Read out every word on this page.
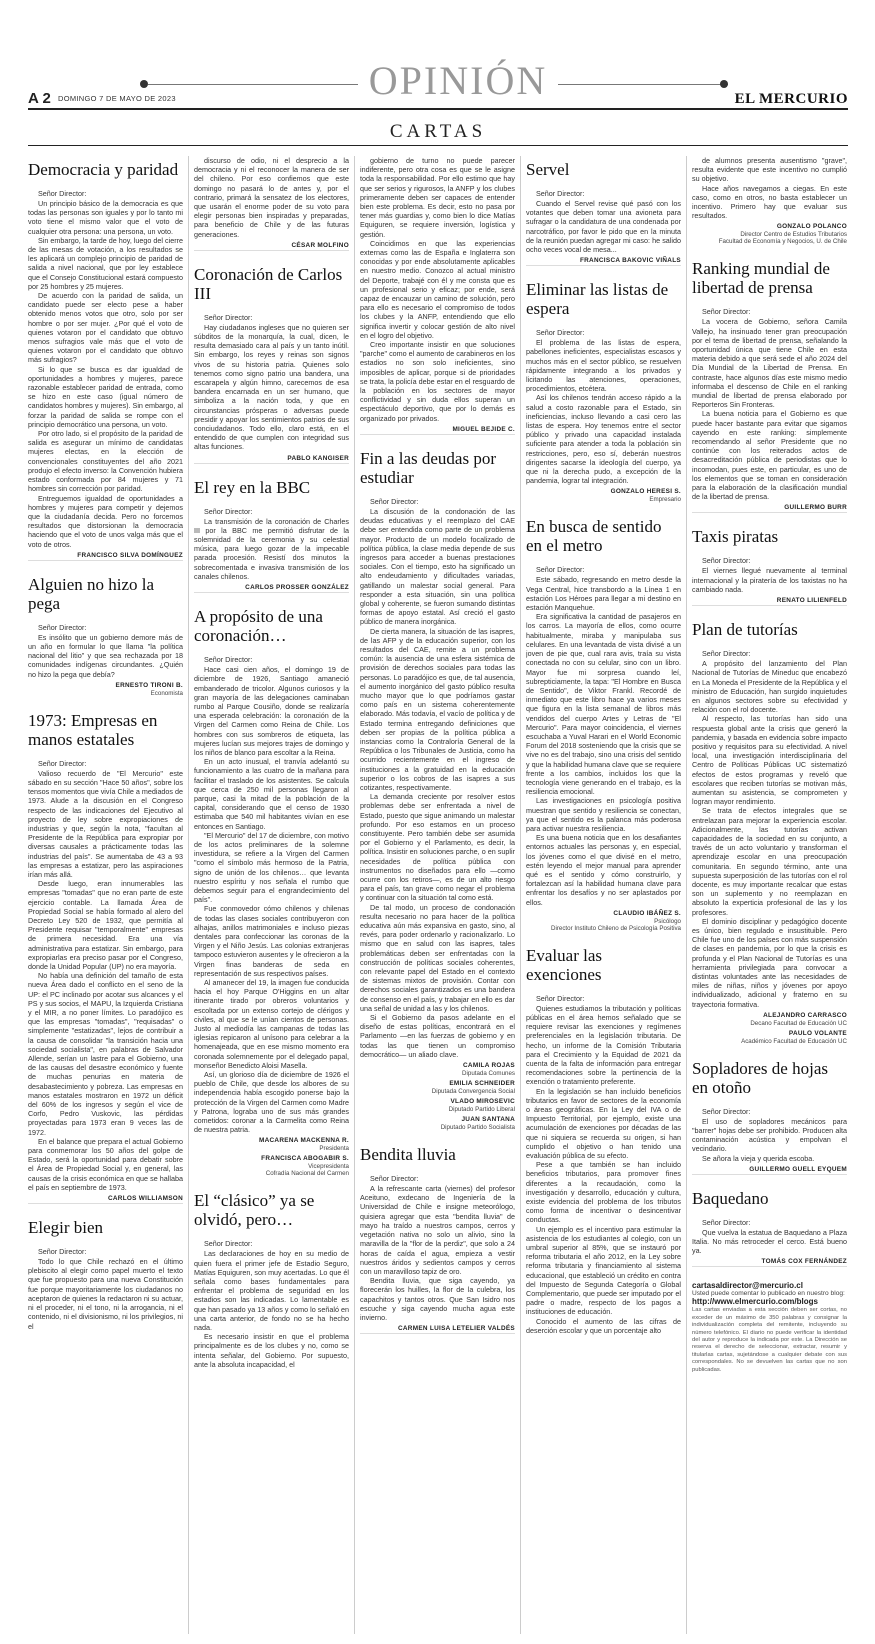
A 2 DOMINGO 7 DE MAYO DE 2023	OPINIÓN	EL MERCURIO
CARTAS
Democracia y paridad
Señor Director:

Un principio básico de la democracia es que todas las personas son iguales y por lo tanto mi voto tiene el mismo valor que el voto de cualquier otra persona: una persona, un voto.

Sin embargo, la tarde de hoy, luego del cierre de las mesas de votación, a los resultados se les aplicará un complejo principio de paridad de salida a nivel nacional, que por ley establece que el Consejo Constitucional estará compuesto por 25 hombres y 25 mujeres.

De acuerdo con la paridad de salida, un candidato puede ser electo pese a haber obtenido menos votos que otro, solo por ser hombre o por ser mujer. ¿Por qué el voto de quienes votaron por el candidato que obtuvo menos sufragios vale más que el voto de quienes votaron por el candidato que obtuvo más sufragios?

Si lo que se busca es dar igualdad de oportunidades a hombres y mujeres, parece razonable establecer paridad de entrada, como se hizo en este caso (igual número de candidatos hombres y mujeres). Sin embargo, al forzar la paridad de salida se rompe con el principio democrático una persona, un voto.

Por otro lado, si el propósito de la paridad de salida es asegurar un mínimo de candidatas mujeres electas, en la elección de convencionales constituyentes del año 2021 produjo el efecto inverso: la Convención hubiera estado conformada por 84 mujeres y 71 hombres sin corrección por paridad.

Entreguemos igualdad de oportunidades a hombres y mujeres para competir y dejemos que la ciudadanía decida. Pero no forcemos resultados que distorsionan la democracia haciendo que el voto de unos valga más que el voto de otros.

FRANCISCO SILVA DOMÍNGUEZ
Alguien no hizo la pega
Señor Director:

Es insólito que un gobierno demore más de un año en formular lo que llama "la política nacional del litio" y que sea rechazada por 18 comunidades indígenas circundantes. ¿Quién no hizo la pega que debía?

ERNESTO TIRONI B.
Economista
1973: Empresas en manos estatales
Señor Director:

Valioso recuerdo de "El Mercurio" este sábado en su sección "Hace 50 años", sobre los tensos momentos que vivía Chile a mediados de 1973. Alude a la discusión en el Congreso respecto de las indicaciones del Ejecutivo al proyecto de ley sobre expropiaciones de industrias y que, según la nota, "facultan al Presidente de la República para expropiar por diversas causales a prácticamente todas las industrias del país". Se aumentaba de 43 a 93 las empresas a estatizar, pero las aspiraciones irían más allá.

Desde luego, eran innumerables las empresas "tomadas" que no eran parte de este ejercicio contable. La llamada Área de Propiedad Social se había formado al alero del Decreto Ley 520 de 1932, que permitía al Presidente requisar "temporalmente" empresas de primera necesidad. Era una vía administrativa para estatizar. Sin embargo, para expropiarlas era preciso pasar por el Congreso, donde la Unidad Popular (UP) no era mayoría.

No había una definición del tamaño de esta nueva Área dado el conflicto en el seno de la UP: el PC inclinado por acotar sus alcances y el PS y sus socios, el MAPU, la Izquierda Cristiana y el MIR, a no poner límites. Lo paradójico es que las empresas "tomadas", "requisadas" o simplemente "estatizadas", lejos de contribuir a la causa de consolidar "la transición hacia una sociedad socialista", en palabras de Salvador Allende, serían un lastre para el Gobierno, una de las causas del desastre económico y fuente de muchas penurias en materia de desabastecimiento y pobreza. Las empresas en manos estatales mostraron en 1972 un déficit del 60% de los ingresos y según el vice de Corfo, Pedro Vuskovic, las pérdidas proyectadas para 1973 eran 9 veces las de 1972.

En el balance que prepara el actual Gobierno para conmemorar los 50 años del golpe de Estado, será la oportunidad para debatir sobre el Área de Propiedad Social y, en general, las causas de la crisis económica en que se hallaba el país en septiembre de 1973.

CARLOS WILLIAMSON
Elegir bien
Señor Director:

Todo lo que Chile rechazó en el último plebiscito al elegir como papel muerto el texto que fue propuesto para una nueva Constitución fue porque mayoritariamente los ciudadanos no aceptaron de quienes la redactaron ni su actuar, ni el proceder, ni el tono, ni la arrogancia, ni el contenido, ni el divisionismo, ni los privilegios, ni el

discurso de odio, ni el desprecio a la democracia y ni el reconocer la manera de ser del chileno. Por eso confiemos que este domingo no pasará lo de antes y, por el contrario, primará la sensatez de los electores, que usarán el enorme poder de su voto para elegir personas bien inspiradas y preparadas, para beneficio de Chile y de las futuras generaciones.

CÉSAR MOLFINO
Coronación de Carlos III
Señor Director:

Hay ciudadanos ingleses que no quieren ser súbditos de la monarquía, la cual, dicen, le resulta demasiado cara al país y un tanto inútil. Sin embargo, los reyes y reinas son signos vivos de su historia patria. Quienes solo tenemos como signo patrio una bandera, una escarapela y algún himno, carecemos de esa bandera encarnada en un ser humano, que simboliza a la nación toda, y que en circunstancias prósperas o adversas puede presidir y apoyar los sentimientos patrios de sus conciudadanos. Todo ello, claro está, en el entendido de que cumplen con integridad sus altas funciones.

PABLO KANGISER
El rey en la BBC
Señor Director:

La transmisión de la coronación de Charles III por la BBC me permitió disfrutar de la solemnidad de la ceremonia y su celestial música, para luego gozar de la impecable parada procesión. Resistí dos minutos la sobrecomentada e invasiva transmisión de los canales chilenos.

CARLOS PROSSER GONZÁLEZ
A propósito de una coronación…
Señor Director:

Hace casi cien años, el domingo 19 de diciembre de 1926, Santiago amaneció embanderado de tricolor. Algunos curiosos y la gran mayoría de las delegaciones caminaban rumbo al Parque Cousiño, donde se realizaría una esperada celebración: la coronación de la Virgen del Carmen como Reina de Chile. Los hombres con sus sombreros de etiqueta, las mujeres lucían sus mejores trajes de domingo y los niños de blanco para escoltar a la Reina.

En un acto inusual, el tranvía adelantó su funcionamiento a las cuatro de la mañana para facilitar el traslado de los asistentes. Se calcula que cerca de 250 mil personas llegaron al parque, casi la mitad de la población de la capital, considerando que el censo de 1930 estimaba que 540 mil habitantes vivían en ese entonces en Santiago.

"El Mercurio" del 17 de diciembre, con motivo de los actos preliminares de la solemne investidura, se refiere a la Virgen del Carmen "como el símbolo más hermoso de la Patria, signo de unión de los chilenos… que levanta nuestro espíritu y nos señala el rumbo que debemos seguir para el engrandecimiento del país".

Fue conmovedor cómo chilenos y chilenas de todas las clases sociales contribuyeron con alhajas, anillos matrimoniales e incluso piezas dentales para confeccionar las coronas de la Virgen y el Niño Jesús. Las colonias extranjeras tampoco estuvieron ausentes y le ofrecieron a la Virgen finas banderas de seda en representación de sus respectivos países.

Al amanecer del 19, la imagen fue conducida hacia el hoy Parque O'Higgins en un altar itinerante tirado por obreros voluntarios y escoltada por un extenso cortejo de clérigos y civiles, al que se le unían cientos de personas. Justo al mediodía las campanas de todas las iglesias repicaron al unísono para celebrar a la homenajeada, que en ese mismo momento era coronada solemnemente por el delegado papal, monseñor Benedicto Aloisi Masella.

Así, un glorioso día de diciembre de 1926 el pueblo de Chile, que desde los albores de su independencia había escogido ponerse bajo la protección de la Virgen del Carmen como Madre y Patrona, lograba uno de sus más grandes cometidos: coronar a la Carmelita como Reina de nuestra patria.

MACARENA MACKENNA R.
Presidenta
FRANCISCA ABOGABIR S.
Vicepresidenta
Cofradía Nacional del Carmen
El “clásico” ya se olvidó, pero…
Señor Director:

Las declaraciones de hoy en su medio de quien fuera el primer jefe de Estadio Seguro, Matías Equiguren, son muy acertadas. Lo que él señala como bases fundamentales para enfrentar el problema de seguridad en los estadios son las indicadas. Lo lamentable es que han pasado ya 13 años y como lo señaló en una carta anterior, de fondo no se ha hecho nada.

Es necesario insistir en que el problema principalmente es de los clubes y no, como se intenta señalar, del Gobierno. Por supuesto, ante la absoluta incapacidad, el

gobierno de turno no puede parecer indiferente, pero otra cosa es que se le asigne toda la responsabilidad. Por ello estimo que hay que ser serios y rigurosos, la ANFP y los clubes primeramente deben ser capaces de entender bien este problema. Es decir, esto no pasa por tener más guardias y, como bien lo dice Matías Equiguren, se requiere inversión, logística y gestión.

Coincidimos en que las experiencias externas como las de España e Inglaterra son conocidas y por ende absolutamente aplicables en nuestro medio. Conozco al actual ministro del Deporte, trabajé con él y me consta que es un profesional serio y eficaz; por ende, será capaz de encauzar un camino de solución, pero para ello es necesario el compromiso de todos los clubes y la ANFP, entendiendo que ello significa invertir y colocar gestión de alto nivel en el logro del objetivo.

Creo importante insistir en que soluciones "parche" como el aumento de carabineros en los estadios no son solo ineficientes, sino imposibles de aplicar, porque si de prioridades se trata, la policía debe estar en el resguardo de la población en los sectores de mayor conflictividad y sin duda ellos superan un espectáculo deportivo, que por lo demás es organizado por privados.

MIGUEL BEJIDE C.
Fin a las deudas por estudiar
Señor Director:

La discusión de la condonación de las deudas educativas y el reemplazo del CAE debe ser entendida como parte de un problema mayor. Producto de un modelo focalizado de política pública, la clase media depende de sus ingresos para acceder a buenas prestaciones sociales. Con el tiempo, esto ha significado un alto endeudamiento y dificultades variadas, gatillando un malestar social general. Para responder a esta situación, sin una política global y coherente, se fueron sumando distintas formas de apoyo estatal. Así creció el gasto público de manera inorgánica.

De cierta manera, la situación de las isapres, de las AFP y de la educación superior, con los resultados del CAE, remite a un problema común: la ausencia de una esfera sistémica de provisión de derechos sociales para todas las personas. Lo paradójico es que, de tal ausencia, el aumento inorgánico del gasto público resulta mucho mayor que lo que podríamos gastar como país en un sistema coherentemente elaborado. Más todavía, el vacío de política y de Estado termina entregando definiciones que deben ser propias de la política pública a instancias como la Contraloría General de la República o los Tribunales de Justicia, como ha ocurrido recientemente en el ingreso de instituciones a la gratuidad en la educación superior o los cobros de las isapres a sus cotizantes, respectivamente.

La demanda creciente por resolver estos problemas debe ser enfrentada a nivel de Estado, puesto que sigue animando un malestar profundo. Por eso estamos en un proceso constituyente. Pero también debe ser asumida por el Gobierno y el Parlamento, es decir, la política. Insistir en soluciones parche, o en suplir necesidades de política pública con instrumentos no diseñados para ello —como ocurre con los retiros—, es de un alto riesgo para el país, tan grave como negar el problema y continuar con la situación tal como está.

De tal modo, un proceso de condonación resulta necesario no para hacer de la política educativa aún más expansiva en gasto, sino, al revés, para poder ordenarlo y racionalizarlo. Lo mismo que en salud con las isapres, tales problemáticas deben ser enfrentadas con la construcción de políticas sociales coherentes, con relevante papel del Estado en el contexto de sistemas mixtos de provisión. Contar con derechos sociales garantizados es una bandera de consenso en el país, y trabajar en ello es dar una señal de unidad a las y los chilenos.

Si el Gobierno da pasos adelante en el diseño de estas políticas, encontrará en el Parlamento —en las fuerzas de gobierno y en todas las que tienen un compromiso democrático— un aliado clave.

CAMILA ROJAS
Diputada Comunes
EMILIA SCHNEIDER
Diputada Convergencia Social
VLADO MIROSEVIC
Diputado Partido Liberal
JUAN SANTANA
Diputado Partido Socialista
Bendita lluvia
Señor Director:

A la refrescante carta (viernes) del profesor Aceituno, exdecano de Ingeniería de la Universidad de Chile e insigne meteorólogo, quisiera agregar que esta "bendita lluvia" de mayo ha traído a nuestros campos, cerros y vegetación nativa no solo un alivio, sino la maravilla de la "flor de la perdiz", que solo a 24 horas de caída el agua, empieza a vestir nuestros áridos y sedientos campos y cerros con un maravilloso tapiz de oro.

Bendita lluvia, que siga cayendo, ya florecerán los huilles, la flor de la culebra, los capachitos y tantos otros. Que San Isidro nos escuche y siga cayendo mucha agua este invierno.

CARMEN LUISA LETELIER VALDÉS
Servel
Señor Director:

Cuando el Servel revise qué pasó con los votantes que deben tomar una avioneta para sufragar o la candidatura de una condenada por narcotráfico, por favor le pido que en la minuta de la reunión puedan agregar mi caso: he salido ocho veces vocal de mesa...

FRANCISCA BAKOVIC VIÑALS
Eliminar las listas de espera
Señor Director:

El problema de las listas de espera, pabellones ineficientes, especialistas escasos y muchos más en el sector público, se resuelven rápidamente integrando a los privados y licitando las atenciones, operaciones, procedimientos, etcétera.

Así los chilenos tendrán acceso rápido a la salud a costo razonable para el Estado, sin ineficiencias, incluso llevando a casi cero las listas de espera. Hoy tenemos entre el sector público y privado una capacidad instalada suficiente para atender a toda la población sin restricciones, pero, eso sí, deberán nuestros dirigentes sacarse la ideología del cuerpo, ya que ni la derecha pudo, a excepción de la pandemia, lograr tal integración.

GONZALO HERESI S.
Empresario
En busca de sentido en el metro
Señor Director:

Este sábado, regresando en metro desde la Vega Central, hice transbordo a la Línea 1 en estación Los Héroes para llegar a mi destino en estación Manquehue.

Era significativa la cantidad de pasajeros en los carros. La mayoría de ellos, como ocurre habitualmente, miraba y manipulaba sus celulares. En una levantada de vista divisé a un joven de pie que, cual rara avis, traía su vista conectada no con su celular, sino con un libro. Mayor fue mi sorpresa cuando leí, subrepticiamente, la tapa: "El Hombre en Busca de Sentido", de Viktor Frankl. Recordé de inmediato que este libro hace ya varios meses que figura en la lista semanal de libros más vendidos del cuerpo Artes y Letras de "El Mercurio". Para mayor coincidencia, el viernes escuchaba a Yuval Harari en el World Economic Forum del 2018 sosteniendo que la crisis que se vive no es del trabajo, sino una crisis del sentido y que la habilidad humana clave que se requiere frente a los cambios, incluidos los que la tecnología viene generando en el trabajo, es la resiliencia emocional.

Las investigaciones en psicología positiva muestran que sentido y resiliencia se conectan, ya que el sentido es la palanca más poderosa para activar nuestra resiliencia.

Es una buena noticia que en los desafiantes entornos actuales las personas y, en especial, los jóvenes como el que divisé en el metro, estén leyendo el mejor manual para aprender qué es el sentido y cómo construirlo, y fortalezcan así la habilidad humana clave para enfrentar los desafíos y no ser aplastados por ellos.

CLAUDIO IBÁÑEZ S.
Psicólogo
Director Instituto Chileno de Psicología Positiva
Evaluar las exenciones
Señor Director:

Quienes estudiamos la tributación y políticas públicas en el área hemos señalado que se requiere revisar las exenciones y regímenes preferenciales en la legislación tributaria. De hecho, un informe de la Comisión Tributaria para el Crecimiento y la Equidad de 2021 da cuenta de la falta de información para entregar recomendaciones sobre la pertinencia de la exención o tratamiento preferente.

En la legislación se han incluido beneficios tributarios en favor de sectores de la economía o áreas geográficas. En la Ley del IVA o de Impuesto Territorial, por ejemplo, existe una acumulación de exenciones por décadas de las que ni siquiera se recuerda su origen, si han cumplido el objetivo o han tenido una evaluación pública de su efecto.

Pese a que también se han incluido beneficios tributarios, para promover fines diferentes a la recaudación, como la investigación y desarrollo, educación y cultura, existe evidencia del problema de los tributos como forma de incentivar o desincentivar conductas.

Un ejemplo es el incentivo para estimular la asistencia de los estudiantes al colegio, con un umbral superior al 85%, que se instauró por reforma tributaria el año 2012, en la Ley sobre reforma tributaria y financiamiento al sistema educacional, que estableció un crédito en contra del Impuesto de Segunda Categoría o Global Complementario, que puede ser imputado por el padre o madre, respecto de los pagos a instituciones de educación.

Conocido el aumento de las cifras de deserción escolar y que un porcentaje alto

de alumnos presenta ausentismo "grave", resulta evidente que este incentivo no cumplió su objetivo.

Hace años navegamos a ciegas. En este caso, como en otros, no basta establecer un incentivo. Primero hay que evaluar sus resultados.

GONZALO POLANCO
Director Centro de Estudios Tributarios
Facultad de Economía y Negocios, U. de Chile
Ranking mundial de libertad de prensa
Señor Director:

La vocera de Gobierno, señora Camila Vallejo, ha insinuado tener gran preocupación por el tema de libertad de prensa, señalando la oportunidad única que tiene Chile en esta materia debido a que será sede el año 2024 del Día Mundial de la Libertad de Prensa. En contraste, hace algunos días este mismo medio informaba el descenso de Chile en el ranking mundial de libertad de prensa elaborado por Reporteros Sin Fronteras.

La buena noticia para el Gobierno es que puede hacer bastante para evitar que sigamos cayendo en este ranking: simplemente recomendando al señor Presidente que no continúe con los reiterados actos de desacreditación pública de periodistas que lo incomodan, pues este, en particular, es uno de los elementos que se toman en consideración para la elaboración de la clasificación mundial de la libertad de prensa.

GUILLERMO BURR
Taxis piratas
Señor Director:

El viernes llegué nuevamente al terminal internacional y la piratería de los taxistas no ha cambiado nada.

RENATO LILIENFELD
Plan de tutorías
Señor Director:

A propósito del lanzamiento del Plan Nacional de Tutorías de Mineduc que encabezó en La Moneda el Presidente de la República y el ministro de Educación, han surgido inquietudes en algunos sectores sobre su efectividad y relación con el rol docente.

Al respecto, las tutorías han sido una respuesta global ante la crisis que generó la pandemia, y basada en evidencia sobre impacto positivo y requisitos para su efectividad. A nivel local, una investigación interdisciplinaria del Centro de Políticas Públicas UC sistematizó efectos de estos programas y reveló que escolares que reciben tutorías se motivan más, aumentan su asistencia, se comprometen y logran mayor rendimiento.

Se trata de efectos integrales que se entrelazan para mejorar la experiencia escolar. Adicionalmente, las tutorías activan capacidades de la sociedad en su conjunto, a través de un acto voluntario y transforman el aprendizaje escolar en una preocupación comunitaria. En segundo término, ante una supuesta superposición de las tutorías con el rol docente, es muy importante recalcar que estas son un suplemento y no reemplazan en absoluto la experticia profesional de las y los profesores.

El dominio disciplinar y pedagógico docente es único, bien regulado e insustituible. Pero Chile fue uno de los países con más suspensión de clases en pandemia, por lo que la crisis es profunda y el Plan Nacional de Tutorías es una herramienta privilegiada para convocar a distintas voluntades ante las necesidades de miles de niñas, niños y jóvenes por apoyo individualizado, adicional y fraterno en su trayectoria formativa.

ALEJANDRO CARRASCO
Decano Facultad de Educación UC
PAULO VOLANTE
Académico Facultad de Educación UC
Sopladores de hojas en otoño
Señor Director:

El uso de sopladores mecánicos para "barrer" hojas debe ser prohibido. Producen alta contaminación acústica y empolvan el vecindario.

Se añora la vieja y querida escoba.

GUILLERMO GUELL EYQUEM
Baquedano
Señor Director:

Que vuelva la estatua de Baquedano a Plaza Italia. No más retroceder el cerco. Está bueno ya.

TOMÁS COX FERNÁNDEZ
cartasaldirector@mercurio.cl
Usted puede comentar lo publicado en nuestro blog:
http://www.elmercurio.com/blogs
Las cartas enviadas a esta sección deben ser cortas, no exceder de un máximo de 350 palabras y consignar la individualización completa del remitente, incluyendo su número telefónico. El diario no puede verificar la identidad del autor y reproduce la indicada por este. La Dirección se reserva el derecho de seleccionar, extractar, resumir y titularlas cartas, sujetándose a cualquier debate con sus correspondales. No se devuelven las cartas que no son publicadas.
